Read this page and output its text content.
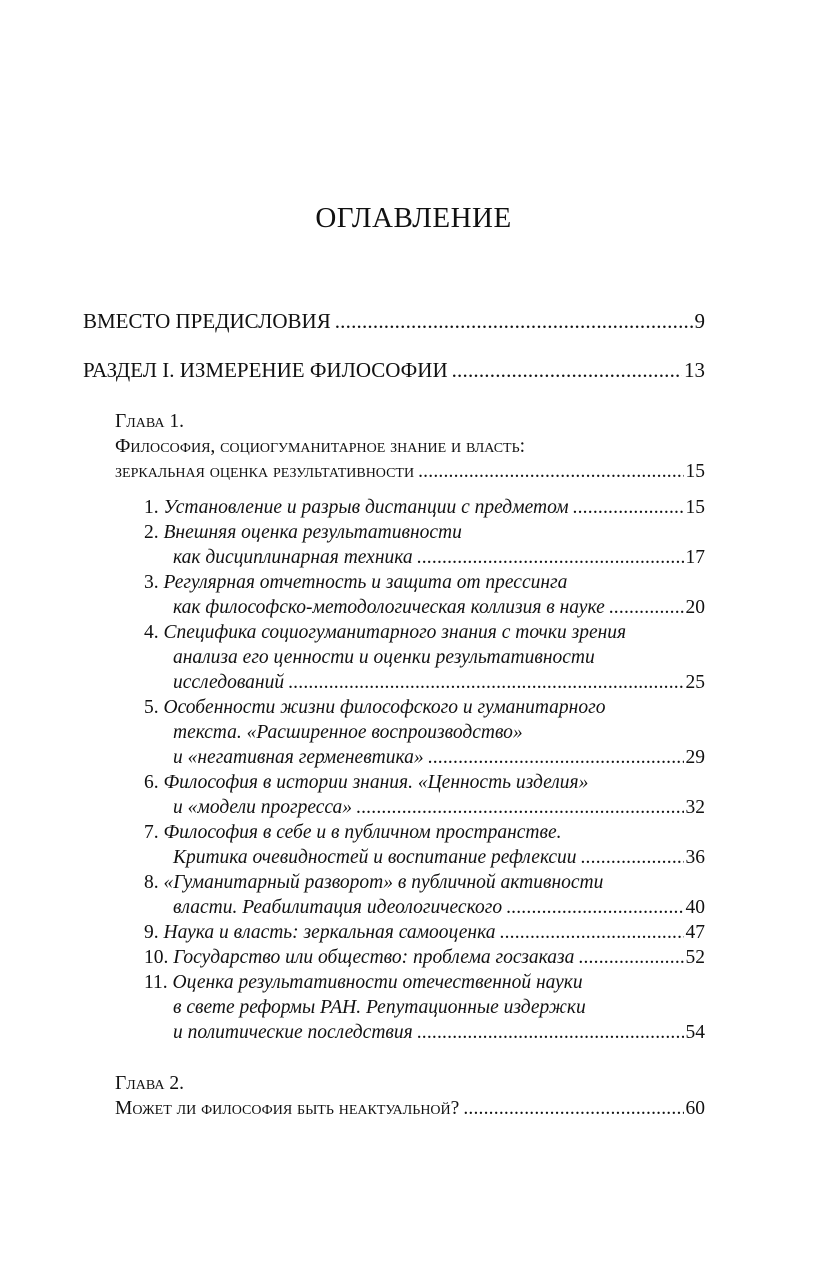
ОГЛАВЛЕНИЕ
ВМЕСТО ПРЕДИСЛОВИЯ .....	9
РАЗДЕЛ I. ИЗМЕРЕНИЕ ФИЛОСОФИИ .....	13
Глава 1.
Философия, социогуманитарное знание и власть:
зеркальная оценка результативности .....	15
1. Установление и разрыв дистанции с предметом .....	15
2. Внешняя оценка результативности
как дисциплинарная техника .....	17
3. Регулярная отчетность и защита от прессинга
как философско-методологическая коллизия в науке .....	20
4. Специфика социогуманитарного знания с точки зрения
анализа его ценности и оценки результативности
исследований .....	25
5. Особенности жизни философского и гуманитарного
текста. «Расширенное воспроизводство»
и «негативная герменевтика» .....	29
6. Философия в истории знания. «Ценность изделия»
и «модели прогресса» .....	32
7. Философия в себе и в публичном пространстве.
Критика очевидностей и воспитание рефлексии .....	36
8. «Гуманитарный разворот» в публичной активности
власти. Реабилитация идеологического .....	40
9. Наука и власть: зеркальная самооценка .....	47
10. Государство или общество: проблема госзаказа .....	52
11. Оценка результативности отечественной науки
в свете реформы РАН. Репутационные издержки
и политические последствия .....	54
Глава 2.
Может ли философия быть неактуальной? .....	60
